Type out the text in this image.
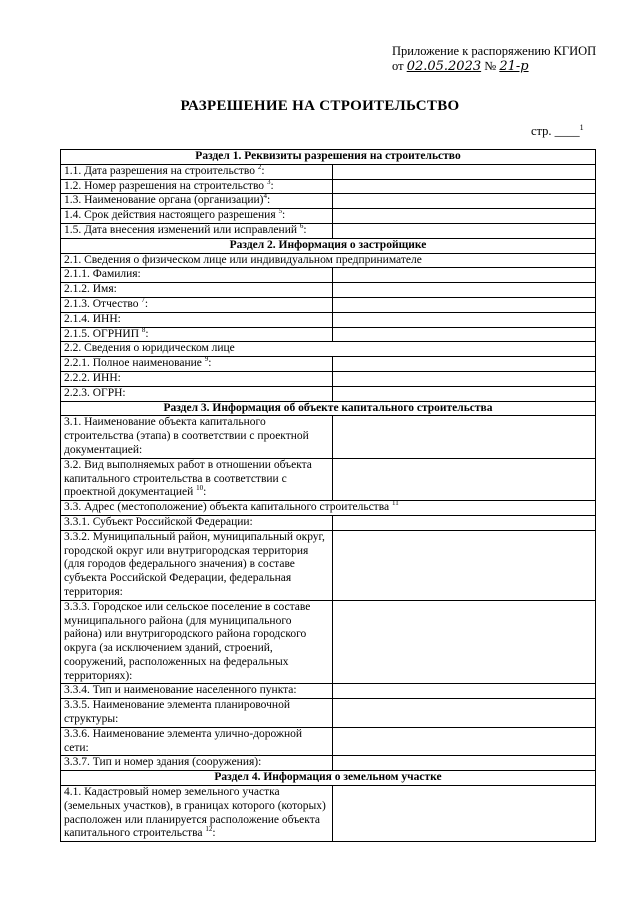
Приложение к распоряжению КГИОП
от 02.05.2023 № 21-р
РАЗРЕШЕНИЕ НА СТРОИТЕЛЬСТВО
стр. ____$^1$
Раздел 1. Реквизиты разрешения на строительство	
1.1. Дата разрешения на строительство $^2$:	
1.2. Номер разрешения на строительство $^3$:	
1.3. Наименование органа (организации)$^4$:	
1.4. Срок действия настоящего разрешения $^5$:	
1.5. Дата внесения изменений или исправлений $^6$:	
Раздел 2. Информация о застройщике	
2.1. Сведения о физическом лице или индивидуальном предпринимателе	
2.1.1. Фамилия:	
2.1.2. Имя:	
2.1.3. Отчество $^7$:	
2.1.4. ИНН:	
2.1.5. ОГРНИП $^8$:	
2.2. Сведения о юридическом лице	
2.2.1. Полное наименование $^9$:	
2.2.2. ИНН:	
2.2.3. ОГРН:	
Раздел 3. Информация об объекте капитального строительства	
3.1. Наименование объекта капитального строительства (этапа) в соответствии с проектной документацией:	
3.2. Вид выполняемых работ в отношении объекта капитального строительства в соответствии с проектной документацией $^{10}$:	
3.3. Адрес (местоположение) объекта капитального строительства $^{11}$
3.3.1. Субъект Российской Федерации:	
3.3.2. Муниципальный район, муниципальный округ, городской округ или внутригородская территория (для городов федерального значения) в составе субъекта Российской Федерации, федеральная территория:	
3.3.3. Городское или сельское поселение в составе муниципального района (для муниципального района) или внутригородского района городского округа (за исключением зданий, строений, сооружений, расположенных на федеральных территориях):	
3.3.4. Тип и наименование населенного пункта:	
3.3.5. Наименование элемента планировочной структуры:	
3.3.6. Наименование элемента улично-дорожной сети:	
3.3.7. Тип и номер здания (сооружения):	
Раздел 4. Информация о земельном участке	
4.1. Кадастровый номер земельного участка (земельных участков), в границах которого (которых) расположен или планируется расположение объекта капитального строительства $^{12}$:	
